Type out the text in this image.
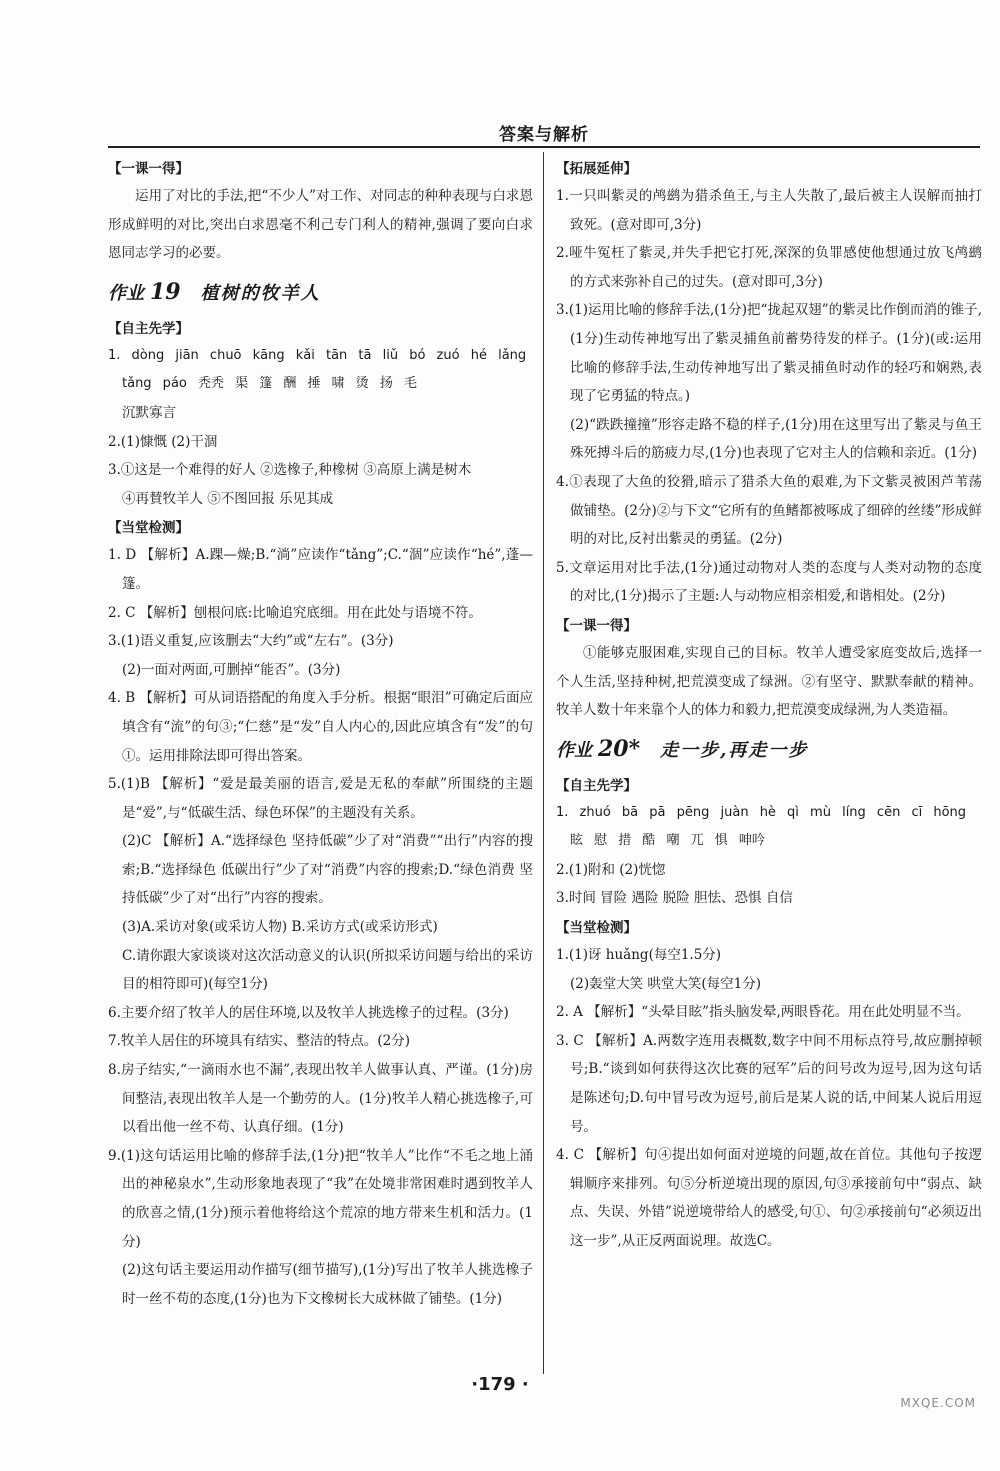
答案与解析
【一课一得】
运用了对比的手法,把“不少人”对工作、对同志的种种表现与白求恩形成鲜明的对比,突出白求恩毫不利己专门利人的精神,强调了要向白求恩同志学习的必要。
作业 19 植树的牧羊人
【自主先学】
1. dòng jiān chuō kāng kǎi tān tā liǔ bó zuó hé lǎng
tǎng páo 秃秃 渠 篷 酬 捶 啸 烫 扬 毛
沉默寡言
2.(1)慷慨 (2)干涸
3.①这是一个难得的好人 ②选橡子,种橡树 ③高原上满是树木
④再賛牧羊人 ⑤不图回报 乐见其成
【当堂检测】
1. D 【解析】A.踝—燥;B.“淌”应读作“tǎng”;C.“涸”应读作“hé”,蓬—篷。
2. C 【解析】刨根问底:比喻追究底细。用在此处与语境不符。
3.(1)语义重复,应该删去“大约”或“左右”。(3分)
(2)一面对两面,可删掉“能否”。(3分)
4. B 【解析】可从词语搭配的角度入手分析。根据“眼泪”可确定后面应填含有“流”的句③;“仁慈”是“发”自人内心的,因此应填含有“发”的句①。运用排除法即可得出答案。
5.(1)B 【解析】“爱是最美丽的语言,爱是无私的奉献”所围绕的主题是“爱”,与“低碳生活、绿色环保”的主题没有关系。
(2)C 【解析】A.“选择绿色 坚持低碳”少了对“消费”“出行”内容的搜索;B.“选择绿色 低碳出行”少了对“消费”内容的搜索;D.“绿色消费 坚持低碳”少了对“出行”内容的搜索。
(3)A.采访对象(或采访人物) B.采访方式(或采访形式)
C.请你跟大家谈谈对这次活动意义的认识(所拟采访问题与给出的采访目的相符即可)(每空1分)
6.主要介绍了牧羊人的居住环境,以及牧羊人挑选橡子的过程。(3分)
7.牧羊人居住的环境具有结实、整洁的特点。(2分)
8.房子结实,“一滴雨水也不漏”,表现出牧羊人做事认真、严谨。(1分)房间整洁,表现出牧羊人是一个勤劳的人。(1分)牧羊人精心挑选橡子,可以看出他一丝不苟、认真仔细。(1分)
9.(1)这句话运用比喻的修辞手法,(1分)把“牧羊人”比作“不毛之地上涌出的神秘泉水”,生动形象地表现了“我”在处境非常困难时遇到牧羊人的欣喜之情,(1分)预示着他将给这个荒凉的地方带来生机和活力。(1分)
(2)这句话主要运用动作描写(细节描写),(1分)写出了牧羊人挑选橡子时一丝不苟的态度,(1分)也为下文橡树长大成林做了铺垫。(1分)
【拓展延伸】
1.一只叫紫灵的鸬鹚为猎杀鱼王,与主人失散了,最后被主人误解而抽打致死。(意对即可,3分)
2.哑牛冤枉了紫灵,并失手把它打死,深深的负罪感使他想通过放飞鸬鹚的方式来弥补自己的过失。(意对即可,3分)
3.(1)运用比喻的修辞手法,(1分)把“拢起双翅”的紫灵比作倒而消的锥子,(1分)生动传神地写出了紫灵捕鱼前蓄势待发的样子。(1分)(或:运用比喻的修辞手法,生动传神地写出了紫灵捕鱼时动作的轻巧和娴熟,表现了它勇猛的特点。)
(2)“跌跌撞撞”形容走路不稳的样子,(1分)用在这里写出了紫灵与鱼王殊死搏斗后的筋疲力尽,(1分)也表现了它对主人的信赖和亲近。(1分)
4.①表现了大鱼的狡猾,暗示了猎杀大鱼的艰难,为下文紫灵被困芦苇荡做铺垫。(2分)②与下文“它所有的鱼鳍都被啄成了细碎的丝缕”形成鲜明的对比,反衬出紫灵的勇猛。(2分)
5.文章运用对比手法,(1分)通过动物对人类的态度与人类对动物的态度的对比,(1分)揭示了主题:人与动物应相亲相爱,和谐相处。(2分)
【一课一得】
①能够克服困难,实现自己的目标。牧羊人遭受家庭变故后,选择一个人生活,坚持种树,把荒漠变成了绿洲。②有坚守、默默奉献的精神。牧羊人数十年来靠个人的体力和毅力,把荒漠变成绿洲,为人类造福。
作业 20* 走一步,再走一步
【自主先学】
1. zhuó bā pā pēng juàn hè qì mù líng cēn cī hōng
眩 慰 措 酷 嘲 兀 惧 呻吟
2.(1)附和 (2)恍惚
3.时间 冒险 遇险 脱险 胆怯、恐惧 自信
【当堂检测】
1.(1)讶 huǎng(每空1.5分)
(2)轰堂大笑 哄堂大笑(每空1分)
2. A 【解析】“头晕目眩”指头脑发晕,两眼昏花。用在此处明显不当。
3. C 【解析】A.两数字连用表概数,数字中间不用标点符号,故应删掉顿号;B.“谈到如何获得这次比赛的冠军”后的问号改为逗号,因为这句话是陈述句;D.句中冒号改为逗号,前后是某人说的话,中间某人说后用逗号。
4. C 【解析】句④提出如何面对逆境的问题,故在首位。其他句子按逻辑顺序来排列。句⑤分析逆境出现的原因,句③承接前句中“弱点、缺点、失误、外错”说逆境带给人的感受,句①、句②承接前句“必须迈出这一步”,从正反两面说理。故选C。
·179 ·
MXQE.COM
